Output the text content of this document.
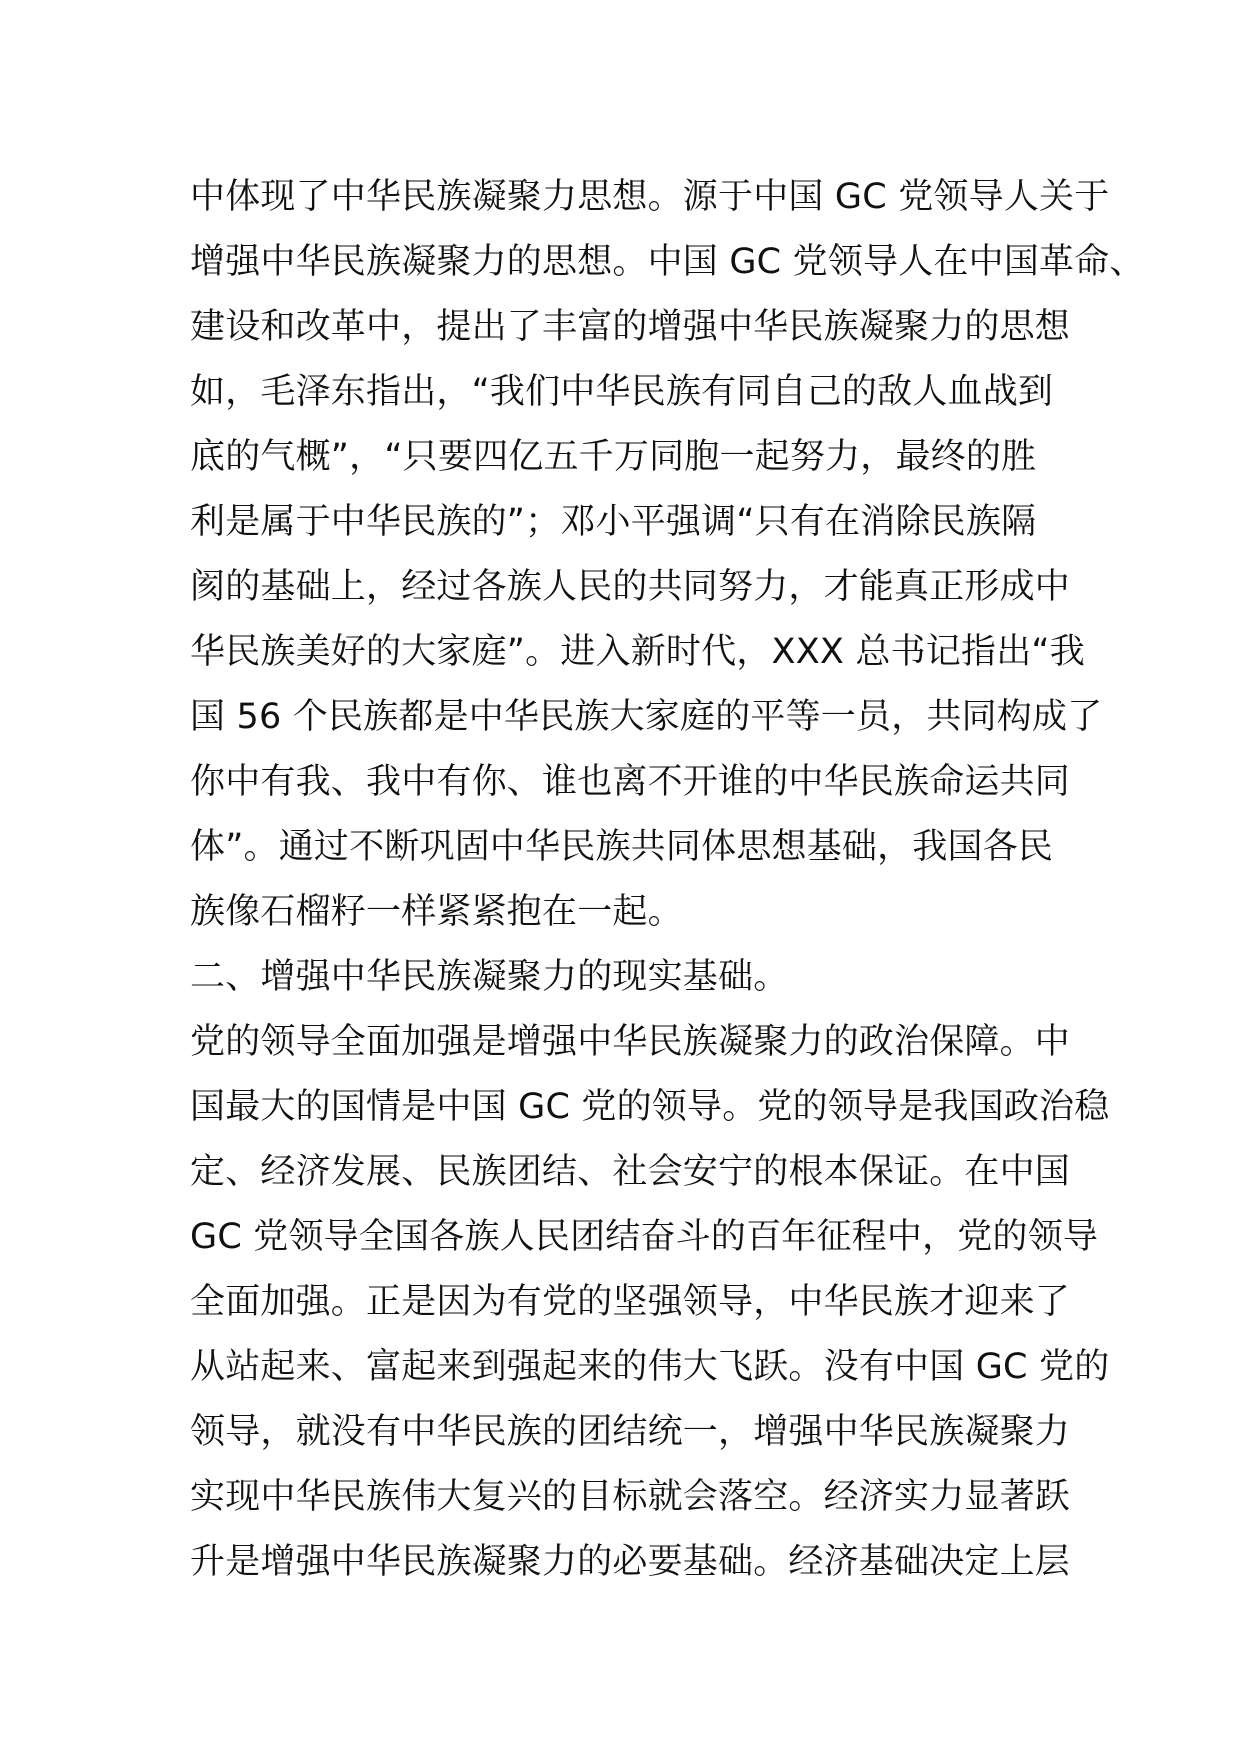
中体现了中华民族凝聚力思想。源于中国 GC 党领导人关于
增强中华民族凝聚力的思想。中国 GC 党领导人在中国革命、
建设和改革中，提出了丰富的增强中华民族凝聚力的思想
如，毛泽东指出，“我们中华民族有同自己的敌人血战到
底的气概”，“只要四亿五千万同胞一起努力，最终的胜
利是属于中华民族的”；邓小平强调“只有在消除民族隔
阂的基础上，经过各族人民的共同努力，才能真正形成中
华民族美好的大家庭”。进入新时代，XXX 总书记指出“我
国 56 个民族都是中华民族大家庭的平等一员，共同构成了
你中有我、我中有你、谁也离不开谁的中华民族命运共同
体”。通过不断巩固中华民族共同体思想基础，我国各民
族像石榴籽一样紧紧抱在一起。
二、增强中华民族凝聚力的现实基础。
党的领导全面加强是增强中华民族凝聚力的政治保障。中
国最大的国情是中国 GC 党的领导。党的领导是我国政治稳
定、经济发展、民族团结、社会安宁的根本保证。在中国
GC 党领导全国各族人民团结奋斗的百年征程中，党的领导
全面加强。正是因为有党的坚强领导，中华民族才迎来了
从站起来、富起来到强起来的伟大飞跃。没有中国 GC 党的
领导，就没有中华民族的团结统一，增强中华民族凝聚力
实现中华民族伟大复兴的目标就会落空。经济实力显著跃
升是增强中华民族凝聚力的必要基础。经济基础决定上层
